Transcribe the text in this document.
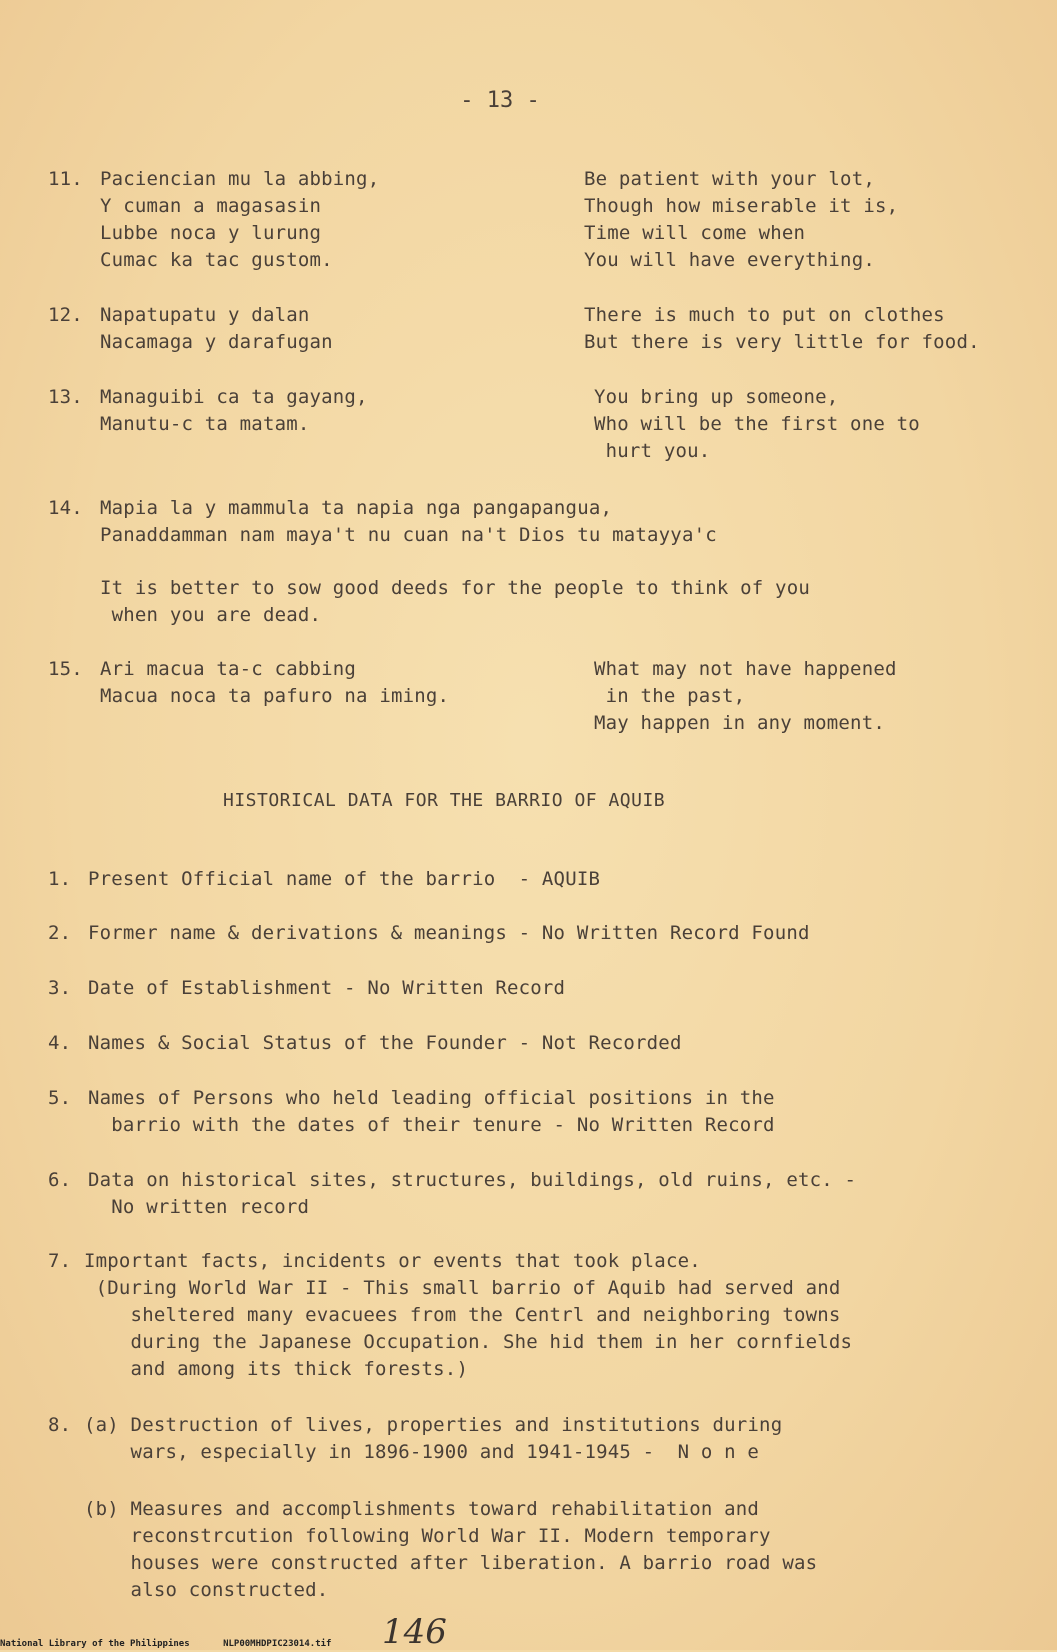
- 13 -
11. Paciencian mu la abbing,
Y cuman a magasasin
Lubbe noca y lurung
Cumac ka tac gustom.
Be patient with your lot,
Though how miserable it is,
Time will come when
You will have everything.
12. Napatupatu y dalan
Nacamaga y darafugan
There is much to put on clothes
But there is very little for food.
13. Managuibi ca ta gayang,
Manutu-c ta matam.
You bring up someone,
Who will be the first one to
hurt you.
14. Mapia la y mammula ta napia nga pangapangua,
Panaddamman nam maya't nu cuan na't Dios tu matayya'c
It is better to sow good deeds for the people to think of you
when you are dead.
15. Ari macua ta-c cabbing
Macua noca ta pafuro na iming.
What may not have happened
in the past,
May happen in any moment.
HISTORICAL DATA FOR THE BARRIO OF AQUIB
1. Present Official name of the barrio  - AQUIB
2. Former name & derivations & meanings - No Written Record Found
3. Date of Establishment - No Written Record
4. Names & Social Status of the Founder - Not Recorded
5. Names of Persons who held leading official positions in the
barrio with the dates of their tenure - No Written Record
6. Data on historical sites, structures, buildings, old ruins, etc. -
No written record
7. Important facts, incidents or events that took place.
(During World War II - This small barrio of Aquib had served and
sheltered many evacuees from the Centrl and neighboring towns
during the Japanese Occupation. She hid them in her cornfields
and among its thick forests.)
8. (a) Destruction of lives, properties and institutions during
wars, especially in 1896-1900 and 1941-1945 -  N o n e
(b) Measures and accomplishments toward rehabilitation and
reconstrcution following World War II. Modern temporary
houses were constructed after liberation. A barrio road was
also constructed.
146
National Library of the Philippines	NLP00MHDPIC23014.tif
